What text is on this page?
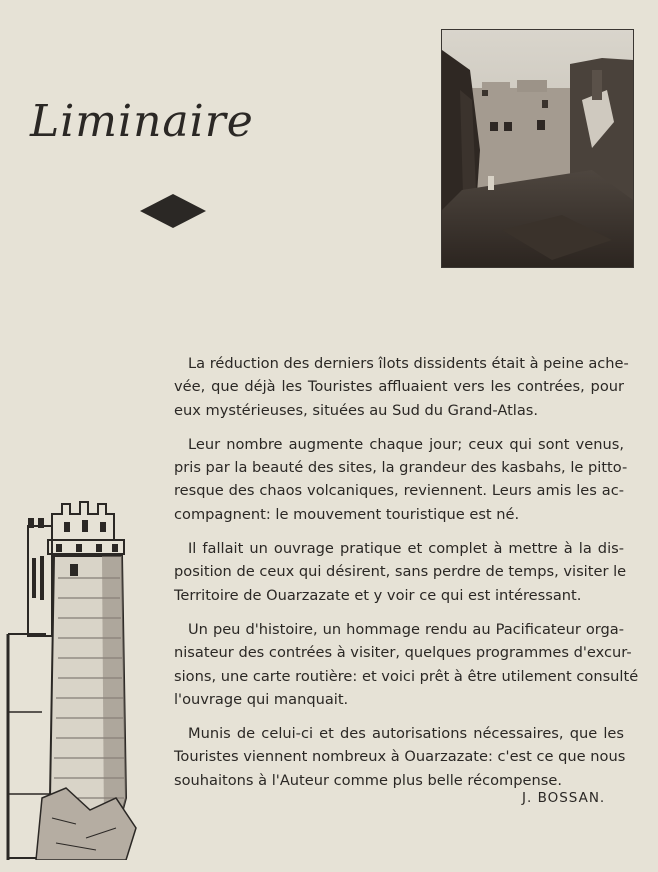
Liminaire

La réduction des derniers îlots dissidents était à peine ache-
vée, que déjà les Touristes affluaient vers les contrées, pour
eux mystérieuses, situées au Sud du Grand-Atlas.

Leur nombre augmente chaque jour; ceux qui sont venus,
pris par la beauté des sites, la grandeur des kasbahs, le pitto-
resque des chaos volcaniques, reviennent. Leurs amis les ac-
compagnent: le mouvement touristique est né.

Il fallait un ouvrage pratique et complet à mettre à la dis-
position de ceux qui désirent, sans perdre de temps, visiter le
Territoire de Ouarzazate et y voir ce qui est intéressant.

Un peu d'histoire, un hommage rendu au Pacificateur orga-
nisateur des contrées à visiter, quelques programmes d'excur-
sions, une carte routière: et voici prêt à être utilement consulté
l'ouvrage qui manquait.

Munis de celui-ci et des autorisations nécessaires, que les
Touristes viennent nombreux à Ouarzazate: c'est ce que nous
souhaitons à l'Auteur comme plus belle récompense.

J. BOSSAN.
